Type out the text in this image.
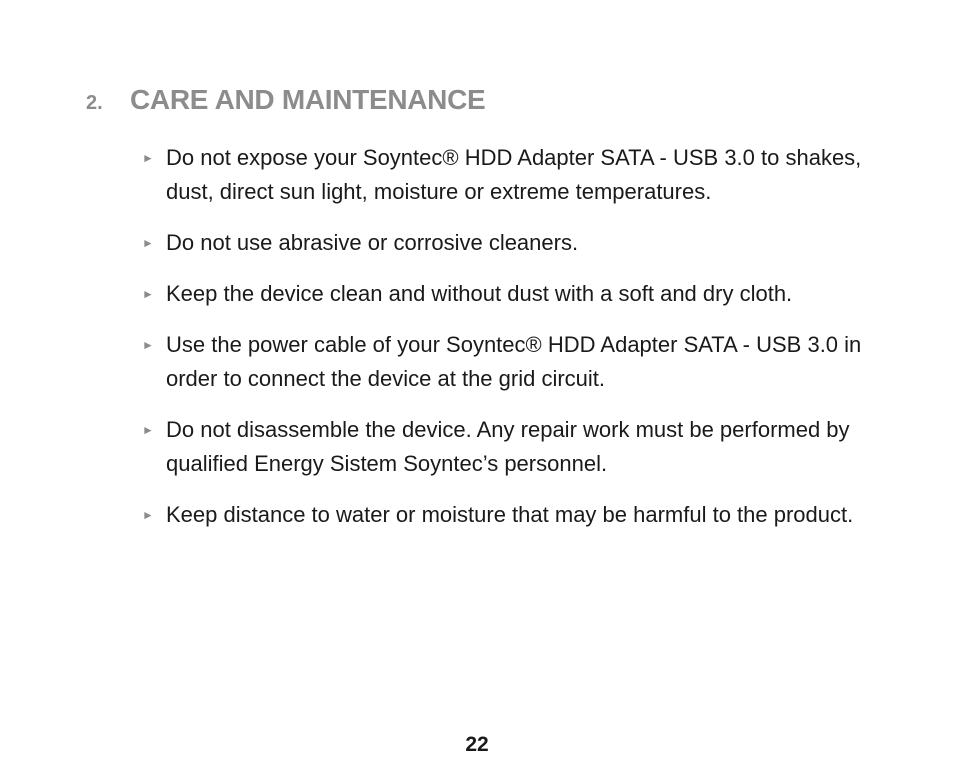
2. CARE AND MAINTENANCE
► Do not expose your Soyntec® HDD Adapter SATA - USB 3.0 to shakes, dust, direct sun light, moisture or extreme temperatures.
► Do not use abrasive or corrosive cleaners.
► Keep the device clean and without dust with a soft and dry cloth.
► Use the power cable of your Soyntec® HDD Adapter SATA - USB 3.0 in order to connect the device at the grid circuit.
► Do not disassemble the device. Any repair work must be performed by qualified Energy Sistem Soyntec’s personnel.
► Keep distance to water or moisture that may be harmful to the product.
22
